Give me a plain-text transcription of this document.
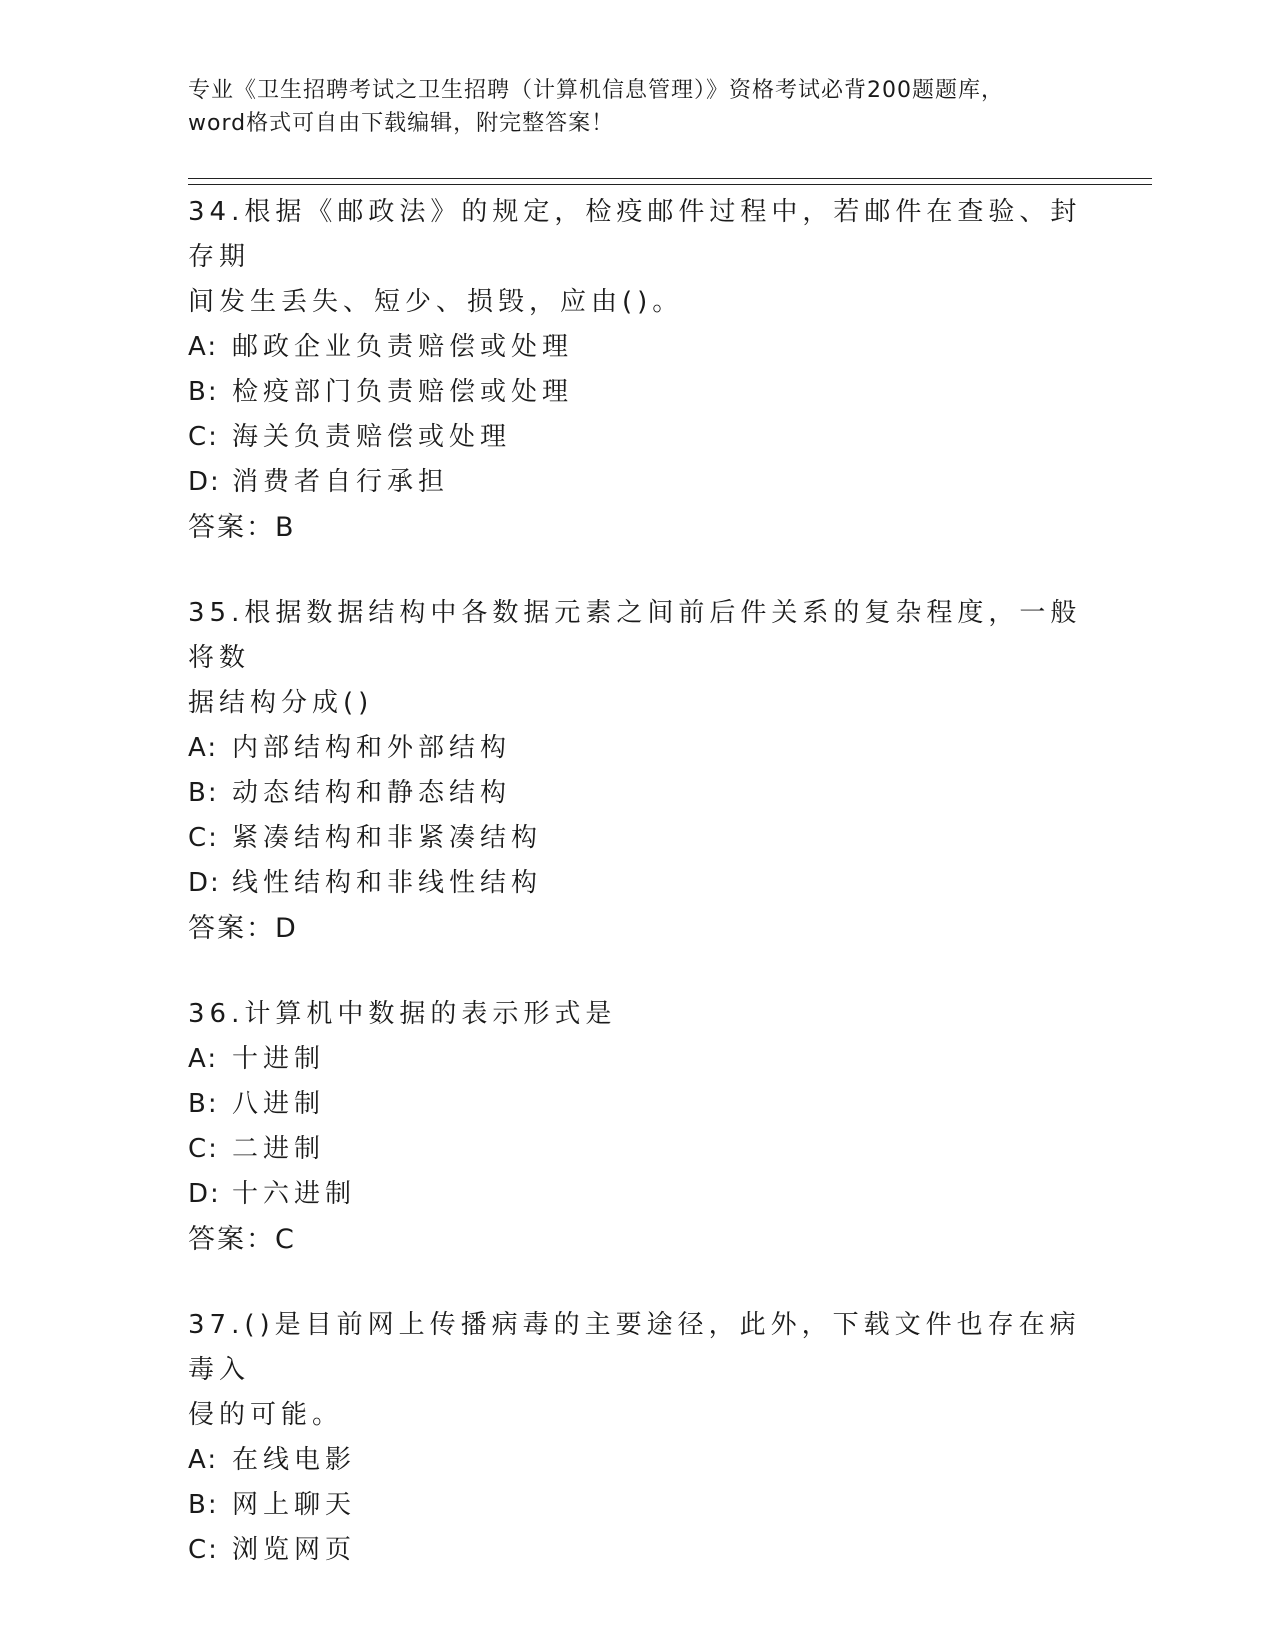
专业《卫生招聘考试之卫生招聘（计算机信息管理）》资格考试必背200题题库，
word格式可自由下载编辑，附完整答案！

34.根据《邮政法》的规定，检疫邮件过程中，若邮件在查验、封存期

间发生丢失、短少、损毁，应由()。

A: 邮政企业负责赔偿或处理

B: 检疫部门负责赔偿或处理

C: 海关负责赔偿或处理

D: 消费者自行承担

答案：B

35.根据数据结构中各数据元素之间前后件关系的复杂程度，一般将数

据结构分成()

A: 内部结构和外部结构

B: 动态结构和静态结构

C: 紧凑结构和非紧凑结构

D: 线性结构和非线性结构

答案：D

36.计算机中数据的表示形式是

A: 十进制

B: 八进制

C: 二进制

D: 十六进制

答案：C

37.()是目前网上传播病毒的主要途径，此外，下载文件也存在病毒入

侵的可能。

A: 在线电影

B: 网上聊天

C: 浏览网页
